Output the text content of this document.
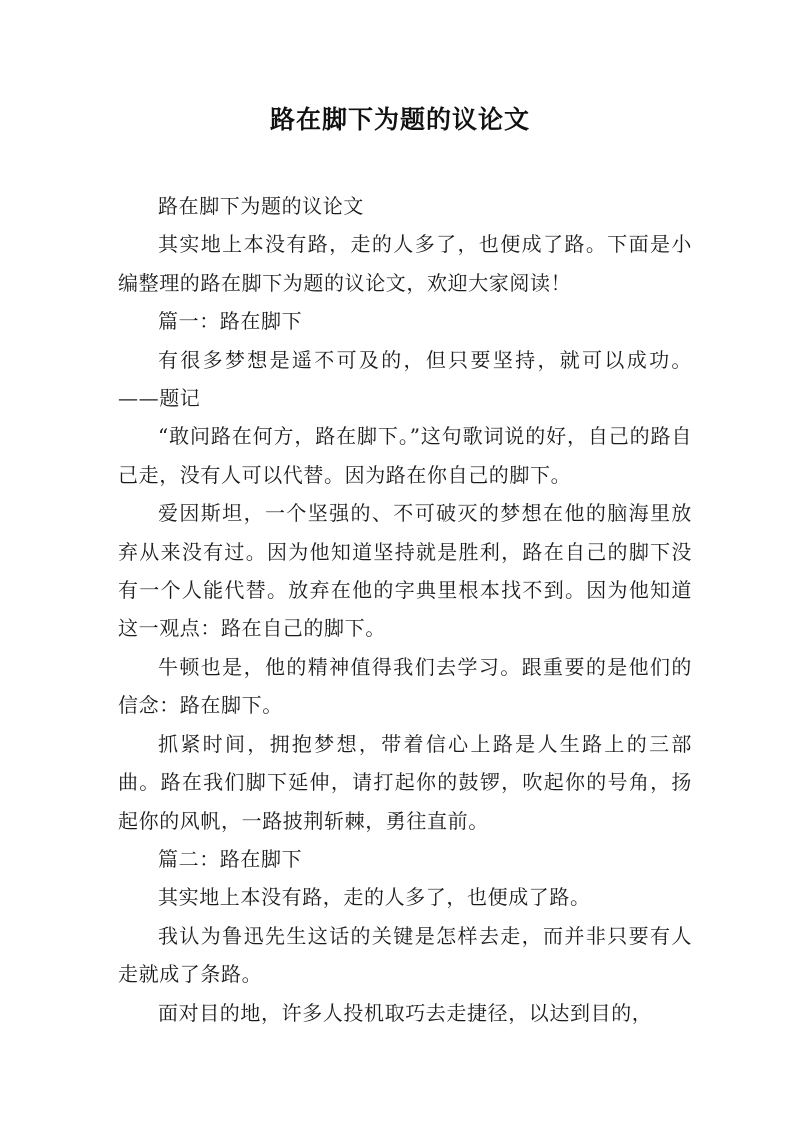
路在脚下为题的议论文

路在脚下为题的议论文

其实地上本没有路，走的人多了，也便成了路。下面是小编整理的路在脚下为题的议论文，欢迎大家阅读！

篇一：路在脚下

有很多梦想是遥不可及的，但只要坚持，就可以成功。——题记

“敢问路在何方，路在脚下。”这句歌词说的好，自己的路自己走，没有人可以代替。因为路在你自己的脚下。

爱因斯坦，一个坚强的、不可破灭的梦想在他的脑海里放弃从来没有过。因为他知道坚持就是胜利，路在自己的脚下没有一个人能代替。放弃在他的字典里根本找不到。因为他知道这一观点：路在自己的脚下。

牛顿也是，他的精神值得我们去学习。跟重要的是他们的信念：路在脚下。

抓紧时间，拥抱梦想，带着信心上路是人生路上的三部曲。路在我们脚下延伸，请打起你的鼓锣，吹起你的号角，扬起你的风帆，一路披荆斩棘，勇往直前。

篇二：路在脚下

其实地上本没有路，走的人多了，也便成了路。

我认为鲁迅先生这话的关键是怎样去走，而并非只要有人走就成了条路。

面对目的地，许多人投机取巧去走捷径，以达到目的，
